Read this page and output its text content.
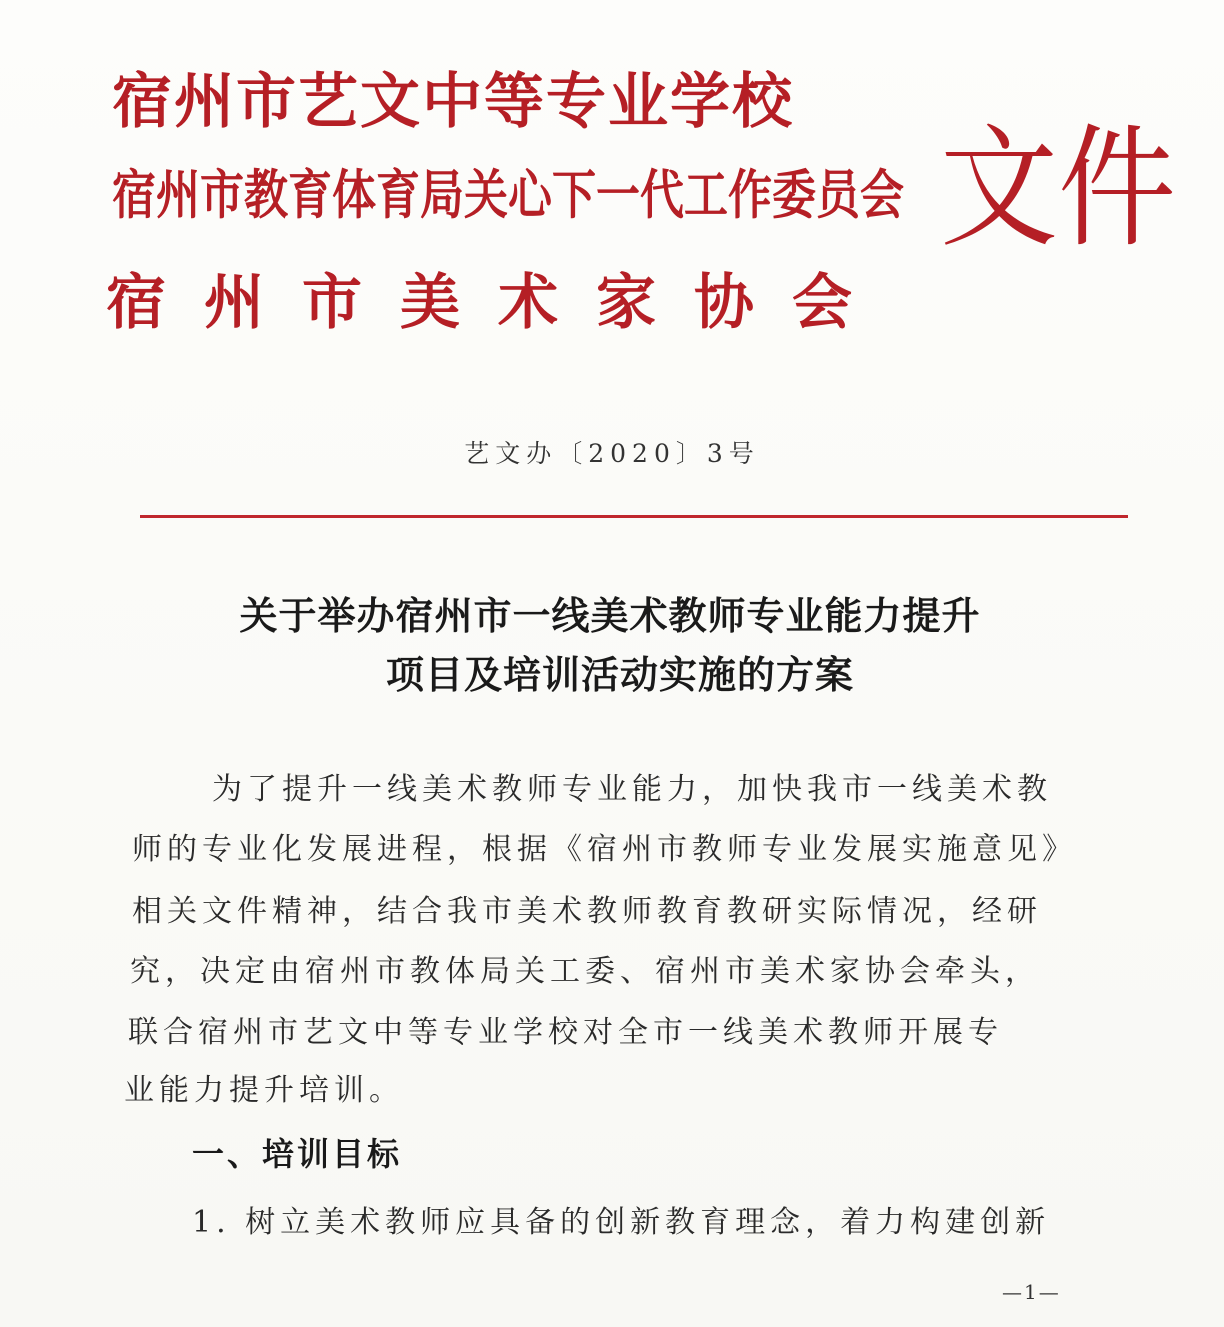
宿州市艺文中等专业学校
宿州市教育体育局关心下一代工作委员会
宿州市美术家协会
文件
艺文办〔2020〕3号
关于举办宿州市一线美术教师专业能力提升
项目及培训活动实施的方案
为了提升一线美术教师专业能力，加快我市一线美术教
师的专业化发展进程，根据《宿州市教师专业发展实施意见》
相关文件精神，结合我市美术教师教育教研实际情况，经研
究，决定由宿州市教体局关工委、宿州市美术家协会牵头，
联合宿州市艺文中等专业学校对全市一线美术教师开展专
业能力提升培训。
一、培训目标
1. 树立美术教师应具备的创新教育理念，着力构建创新
—1—
